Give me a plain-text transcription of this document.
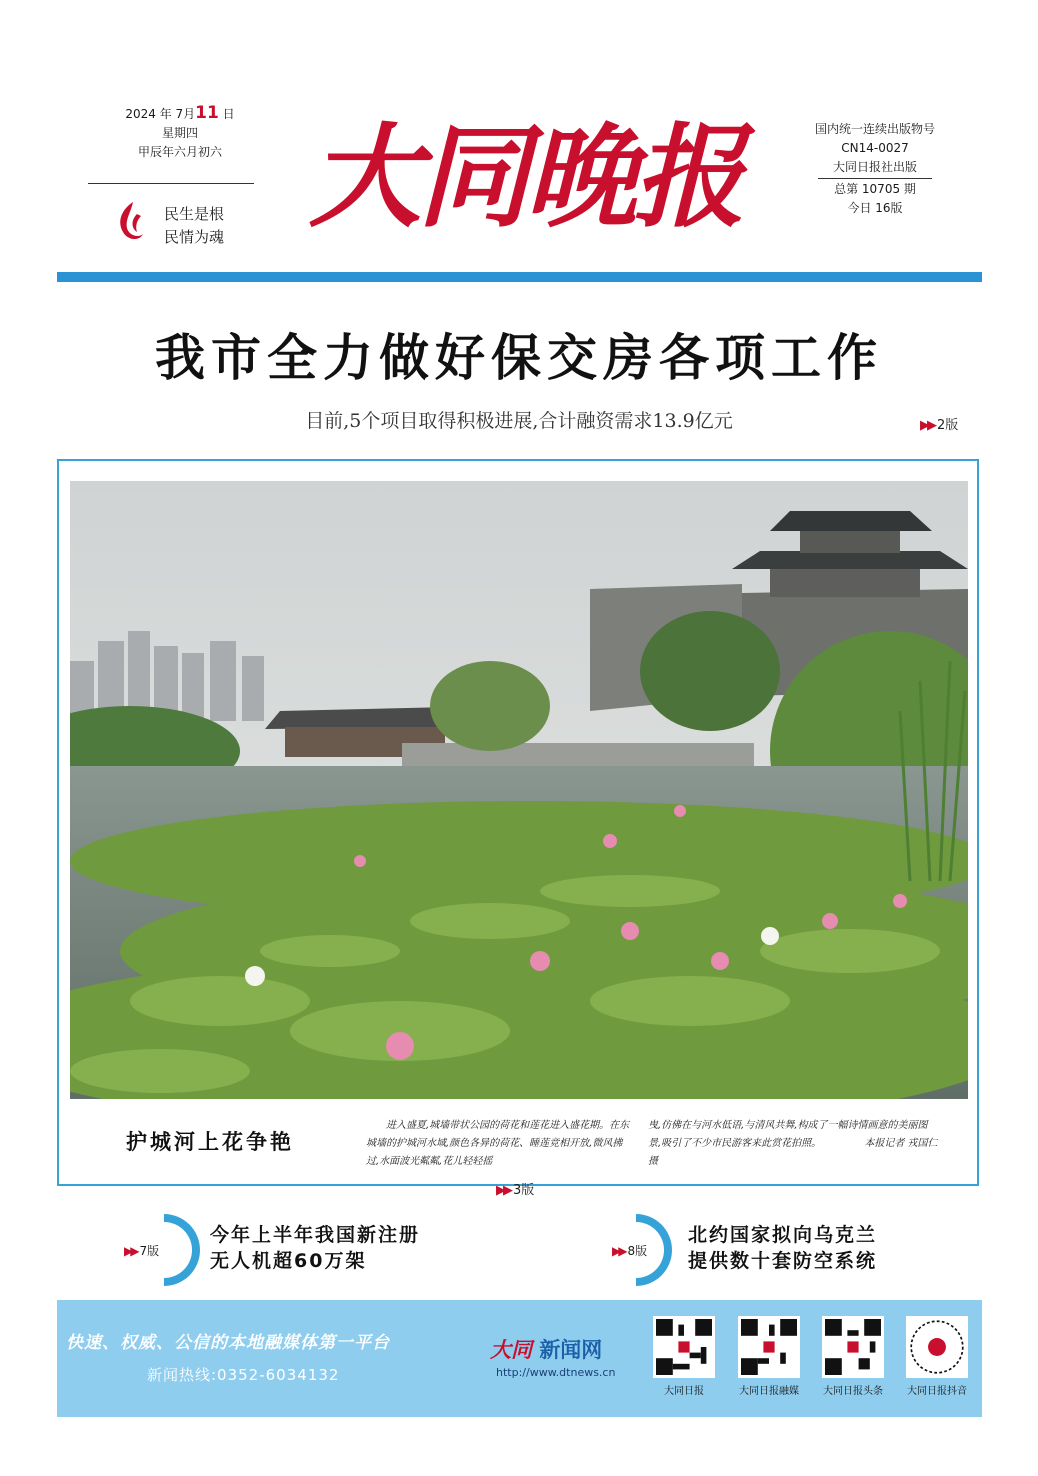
2024 年 7月11 日
星期四
甲辰年六月初六
民生是根
民情为魂 大同晚报	国内统一连续出版物号
CN14-0027
大同日报社出版
总第 10705 期
今日 16版
我市全力做好保交房各项工作
目前,5个项目取得积极进展,合计融资需求13.9亿元	▶▶ 2版
护城河上花争艳
进入盛夏,城墙带状公园的荷花和莲花进入盛花期。在东城墙的护城河水域,颜色各异的荷花、睡莲竞相开放,微风拂过,水面波光粼粼,花儿轻轻摇
曳,仿佛在与河水低语,与清风共舞,构成了一幅诗情画意的美丽图景,吸引了不少市民游客来此赏花拍照。	本报记者 戎国仁 摄
▶▶ 3版
▶▶ 7版
今年上半年我国新注册
无人机超60万架	▶▶ 8版
北约国家拟向乌克兰
提供数十套防空系统
快速、权威、公信的本地融媒体第一平台
新闻热线:0352-6034132
大同 新闻网
http://www.dtnews.cn
大同日报	大同日报融媒	大同日报头条	大同日报抖音
